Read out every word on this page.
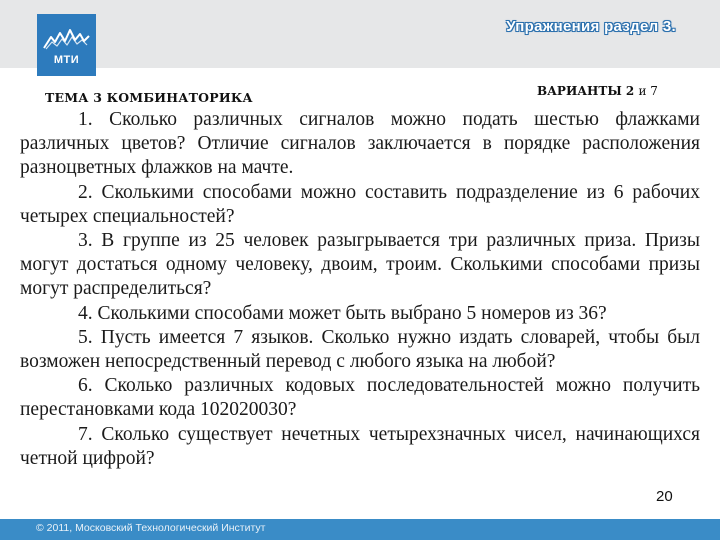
МТИ
Упражнения раздел 3.
ВАРИАНТЫ 2 и 7
ТЕМА 3 КОМБИНАТОРИКА

1. Сколько различных сигналов можно подать шестью флажками различных цветов? Отличие сигналов заключается в порядке расположения разноцветных флажков на мачте.

2. Сколькими способами можно составить подразделение из 6 рабочих четырех специальностей?

3. В группе из 25 человек разыгрывается три различных приза. Призы могут достаться одному человеку, двоим, троим. Сколькими способами призы могут распределиться?

4. Сколькими способами может быть выбрано 5 номеров из 36?

5. Пусть имеется 7 языков. Сколько нужно издать словарей, чтобы был возможен непосредственный перевод с любого языка на любой?

6. Сколько различных кодовых последовательностей можно получить перестановками кода 102020030?

7. Сколько существует нечетных четырехзначных чисел, начинающихся четной цифрой?

20
© 2011, Московский Технологический Институт
